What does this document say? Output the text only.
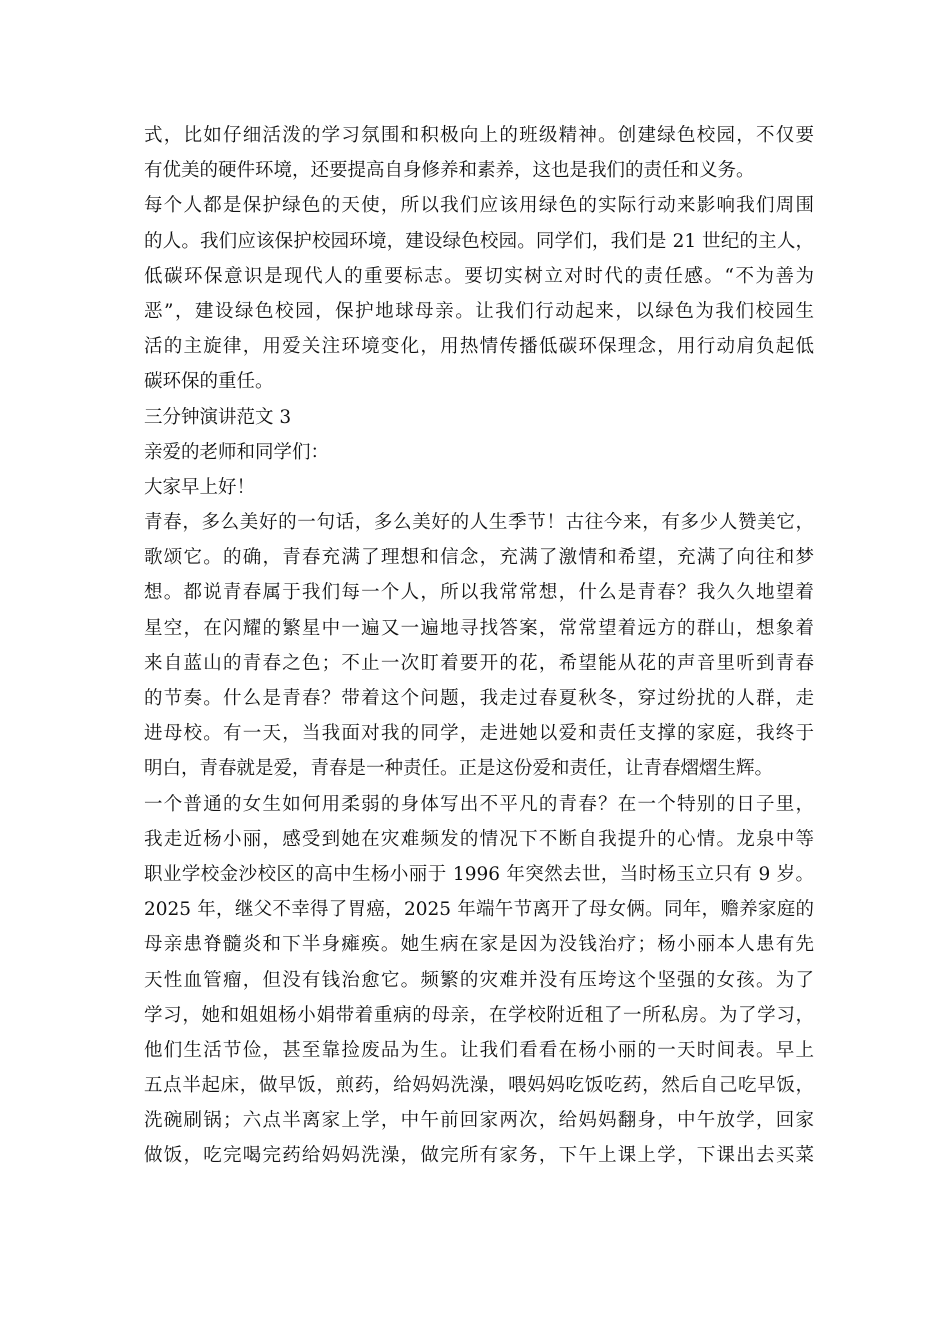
式，比如仔细活泼的学习氛围和积极向上的班级精神。创建绿色校园，不仅要
有优美的硬件环境，还要提高自身修养和素养，这也是我们的责任和义务。
每个人都是保护绿色的天使，所以我们应该用绿色的实际行动来影响我们周围
的人。我们应该保护校园环境，建设绿色校园。同学们，我们是 21 世纪的主人，
低碳环保意识是现代人的重要标志。要切实树立对时代的责任感。“不为善为
恶”，建设绿色校园，保护地球母亲。让我们行动起来，以绿色为我们校园生
活的主旋律，用爱关注环境变化，用热情传播低碳环保理念，用行动肩负起低
碳环保的重任。
三分钟演讲范文 3
亲爱的老师和同学们：
大家早上好！
青春，多么美好的一句话，多么美好的人生季节！古往今来，有多少人赞美它，
歌颂它。的确，青春充满了理想和信念，充满了激情和希望，充满了向往和梦
想。都说青春属于我们每一个人，所以我常常想，什么是青春？我久久地望着
星空，在闪耀的繁星中一遍又一遍地寻找答案，常常望着远方的群山，想象着
来自蓝山的青春之色；不止一次盯着要开的花，希望能从花的声音里听到青春
的节奏。什么是青春？带着这个问题，我走过春夏秋冬，穿过纷扰的人群，走
进母校。有一天，当我面对我的同学，走进她以爱和责任支撑的家庭，我终于
明白，青春就是爱，青春是一种责任。正是这份爱和责任，让青春熠熠生辉。
一个普通的女生如何用柔弱的身体写出不平凡的青春？在一个特别的日子里，
我走近杨小丽，感受到她在灾难频发的情况下不断自我提升的心情。龙泉中等
职业学校金沙校区的高中生杨小丽于 1996 年突然去世，当时杨玉立只有 9 岁。
2025 年，继父不幸得了胃癌，2025 年端午节离开了母女俩。同年，赡养家庭的
母亲患脊髓炎和下半身瘫痪。她生病在家是因为没钱治疗；杨小丽本人患有先
天性血管瘤，但没有钱治愈它。频繁的灾难并没有压垮这个坚强的女孩。为了
学习，她和姐姐杨小娟带着重病的母亲，在学校附近租了一所私房。为了学习，
他们生活节俭，甚至靠捡废品为生。让我们看看在杨小丽的一天时间表。早上
五点半起床，做早饭，煎药，给妈妈洗澡，喂妈妈吃饭吃药，然后自己吃早饭，
洗碗刷锅；六点半离家上学，中午前回家两次，给妈妈翻身，中午放学，回家
做饭，吃完喝完药给妈妈洗澡，做完所有家务，下午上课上学，下课出去买菜
